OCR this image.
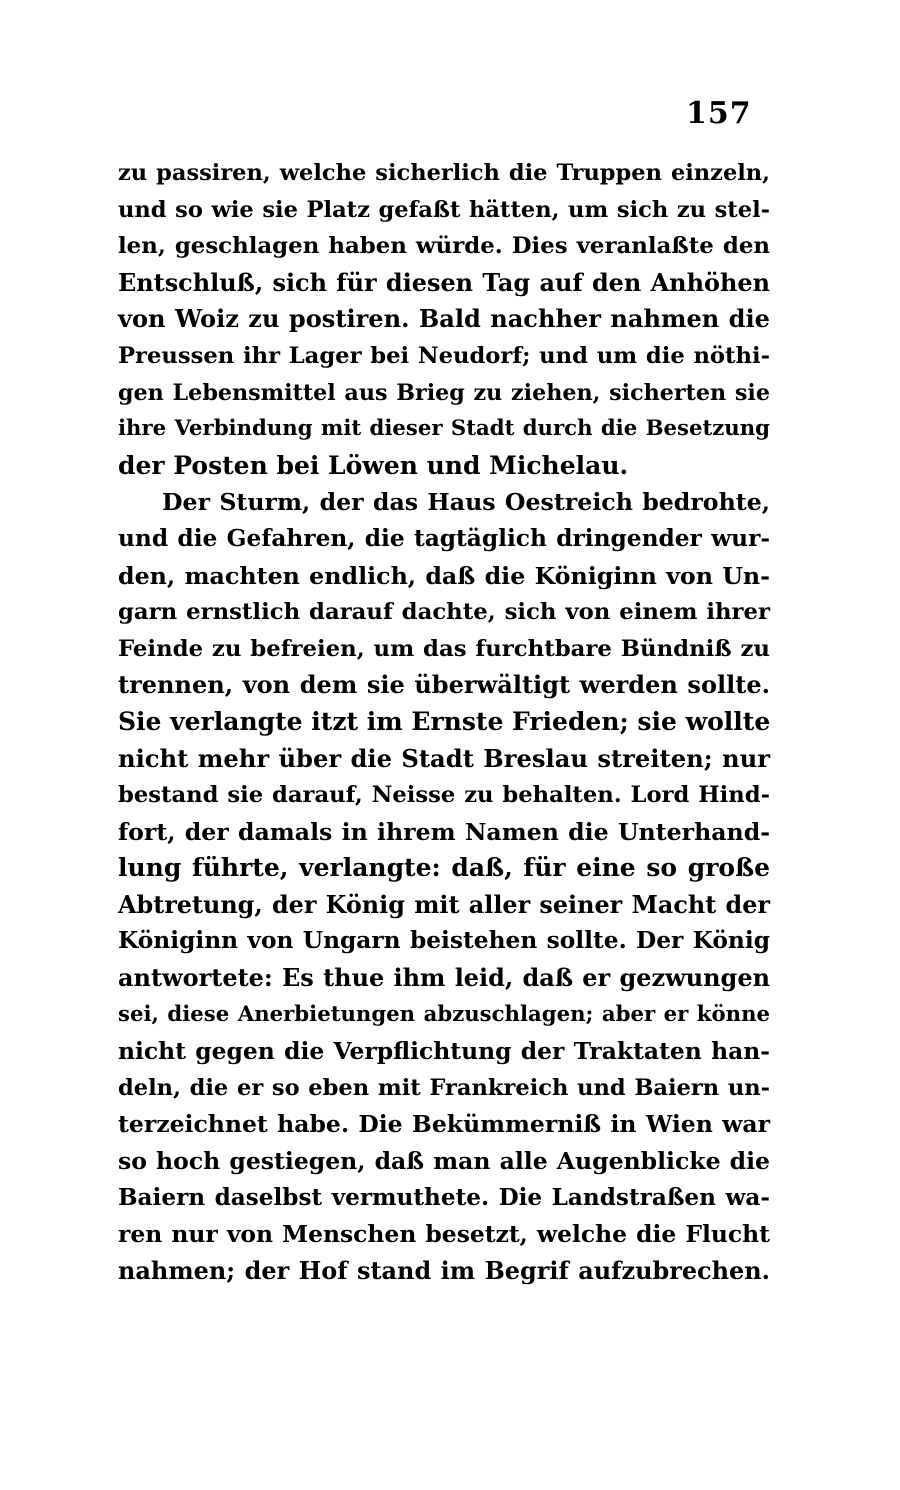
157
zu passiren, welche sicherlich die Truppen einzeln,
und so wie sie Platz gefaßt hätten, um sich zu stel-
len, geschlagen haben würde. Dies veranlaßte den
Entschluß, sich für diesen Tag auf den Anhöhen
von Woiz zu postiren. Bald nachher nahmen die
Preussen ihr Lager bei Neudorf; und um die nöthi-
gen Lebensmittel aus Brieg zu ziehen, sicherten sie
ihre Verbindung mit dieser Stadt durch die Besetzung
der Posten bei Löwen und Michelau.
Der Sturm, der das Haus Oestreich bedrohte,
und die Gefahren, die tagtäglich dringender wur-
den, machten endlich, daß die Königinn von Un-
garn ernstlich darauf dachte, sich von einem ihrer
Feinde zu befreien, um das furchtbare Bündniß zu
trennen, von dem sie überwältigt werden sollte.
Sie verlangte itzt im Ernste Frieden; sie wollte
nicht mehr über die Stadt Breslau streiten; nur
bestand sie darauf, Neisse zu behalten. Lord Hind-
fort, der damals in ihrem Namen die Unterhand-
lung führte, verlangte: daß, für eine so große
Abtretung, der König mit aller seiner Macht der
Königinn von Ungarn beistehen sollte. Der König
antwortete: Es thue ihm leid, daß er gezwungen
sei, diese Anerbietungen abzuschlagen; aber er könne
nicht gegen die Verpflichtung der Traktaten han-
deln, die er so eben mit Frankreich und Baiern un-
terzeichnet habe. Die Bekümmerniß in Wien war
so hoch gestiegen, daß man alle Augenblicke die
Baiern daselbst vermuthete. Die Landstraßen wa-
ren nur von Menschen besetzt, welche die Flucht
nahmen; der Hof stand im Begrif aufzubrechen.
